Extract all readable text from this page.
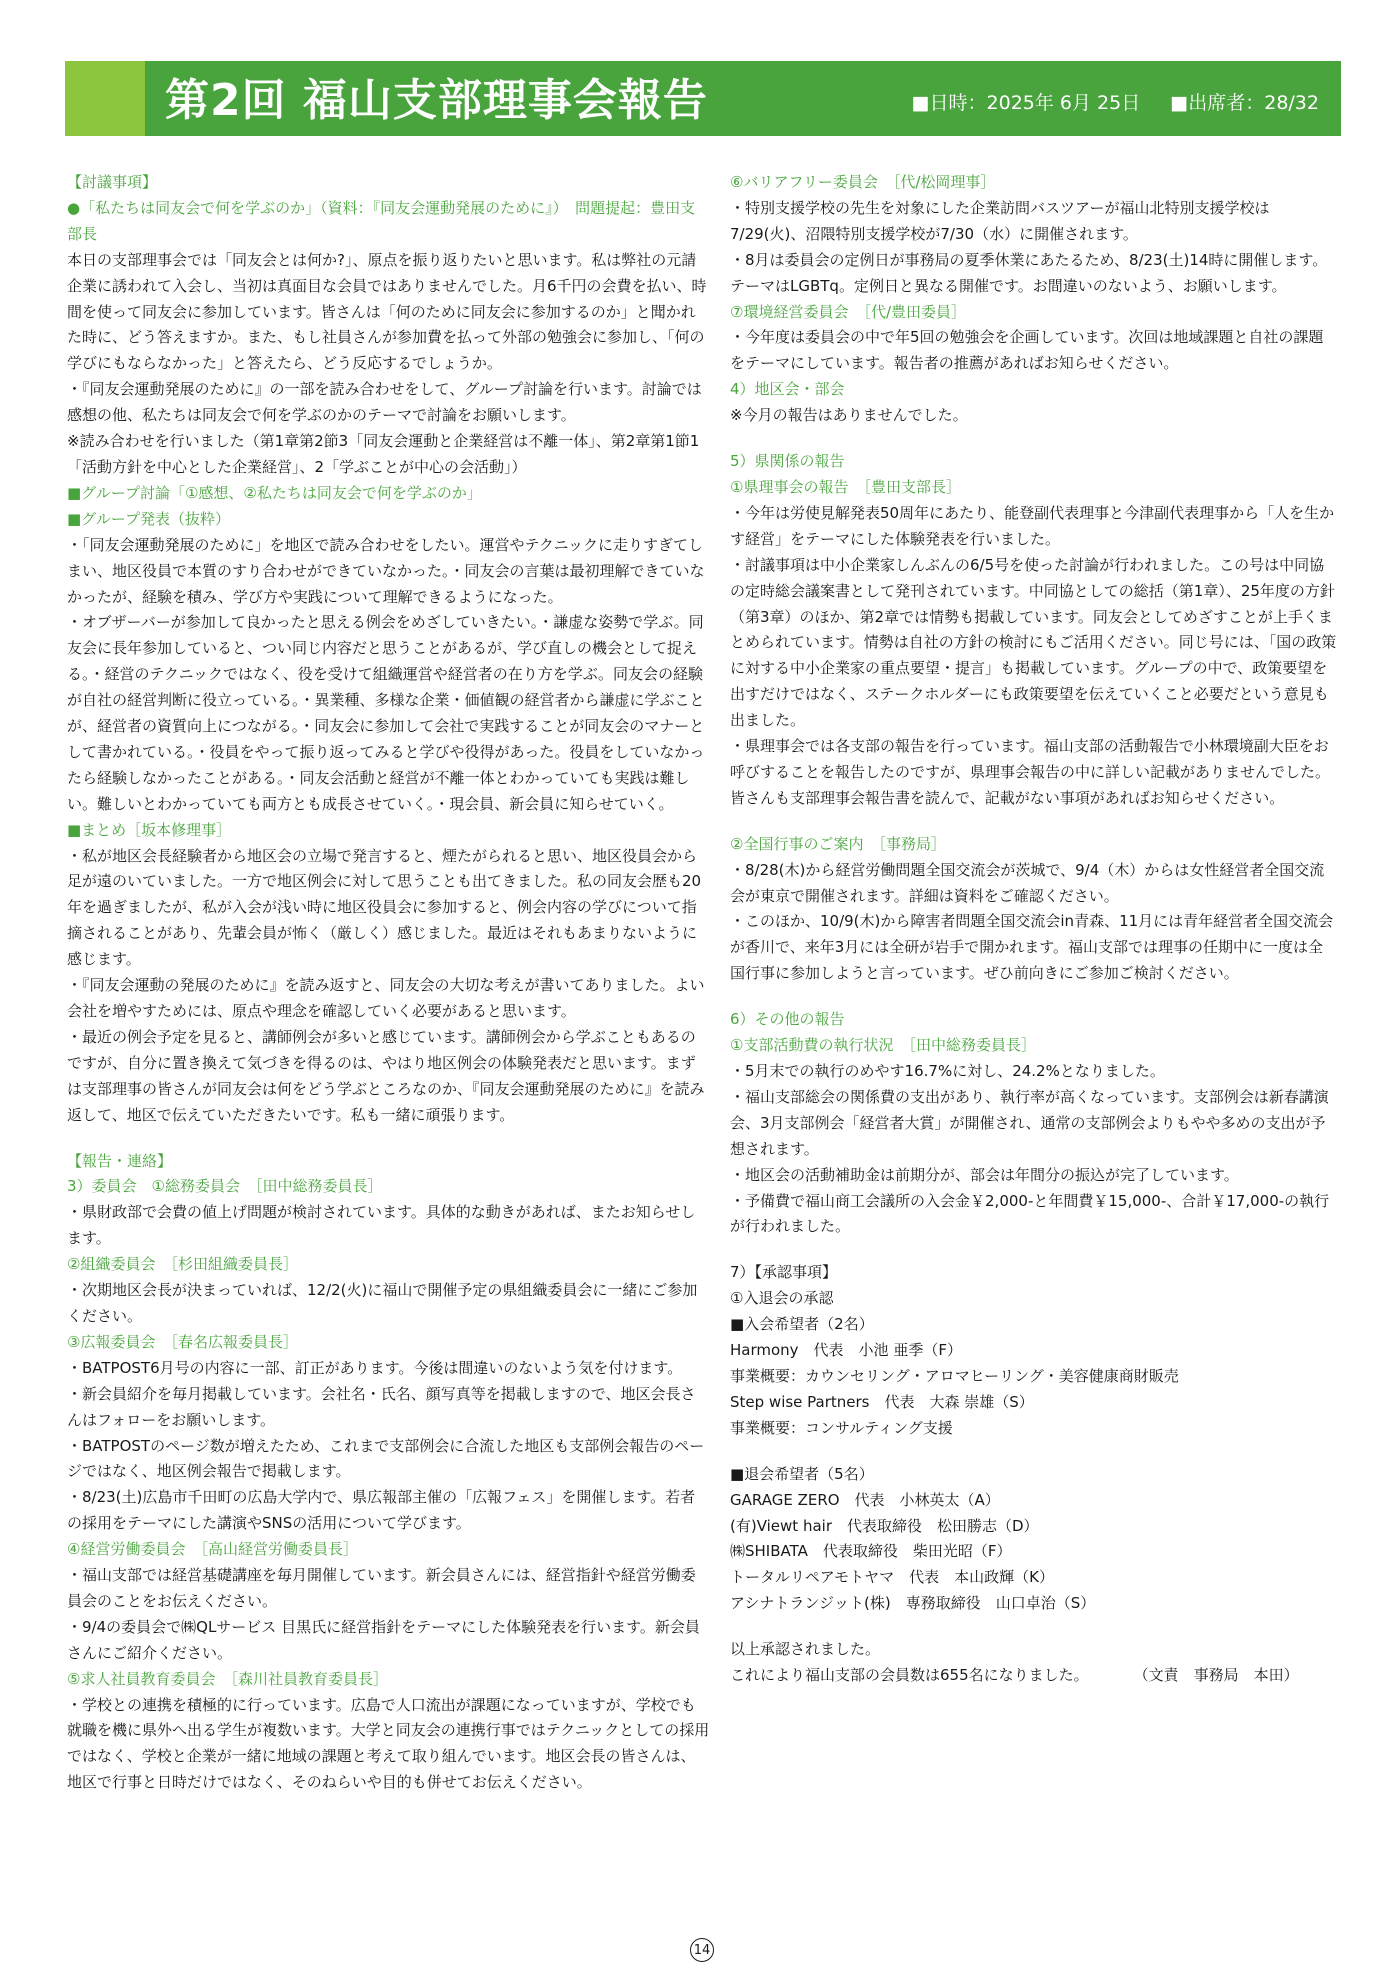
第2回 福山支部理事会報告	■日時：2025年 6月 25日 ■出席者：28/32

【討議事項】

●「私たちは同友会で何を学ぶのか」（資料：『同友会運動発展のために』）　問題提起：豊田支部長

本日の支部理事会では「同友会とは何か?」、原点を振り返りたいと思います。私は弊社の元請企業に誘われて入会し、当初は真面目な会員ではありませんでした。月6千円の会費を払い、時間を使って同友会に参加しています。皆さんは「何のために同友会に参加するのか」と聞かれた時に、どう答えますか。また、もし社員さんが参加費を払って外部の勉強会に参加し、「何の学びにもならなかった」と答えたら、どう反応するでしょうか。

・『同友会運動発展のために』の一部を読み合わせをして、グループ討論を行います。討論では感想の他、私たちは同友会で何を学ぶのかのテーマで討論をお願いします。

※読み合わせを行いました（第1章第2節3「同友会運動と企業経営は不離一体」、第2章第1節1「活動方針を中心とした企業経営」、2「学ぶことが中心の会活動」）

■グループ討論「①感想、②私たちは同友会で何を学ぶのか」

■グループ発表（抜粋）

・「同友会運動発展のために」を地区で読み合わせをしたい。運営やテクニックに走りすぎてしまい、地区役員で本質のすり合わせができていなかった。・同友会の言葉は最初理解できていなかったが、経験を積み、学び方や実践について理解できるようになった。

・オブザーバーが参加して良かったと思える例会をめざしていきたい。・謙虚な姿勢で学ぶ。同友会に長年参加していると、つい同じ内容だと思うことがあるが、学び直しの機会として捉える。・経営のテクニックではなく、役を受けて組織運営や経営者の在り方を学ぶ。同友会の経験が自社の経営判断に役立っている。・異業種、多様な企業・価値観の経営者から謙虚に学ぶことが、経営者の資質向上につながる。・同友会に参加して会社で実践することが同友会のマナーとして書かれている。・役員をやって振り返ってみると学びや役得があった。役員をしていなかったら経験しなかったことがある。・同友会活動と経営が不離一体とわかっていても実践は難しい。難しいとわかっていても両方とも成長させていく。・現会員、新会員に知らせていく。

■まとめ［坂本修理事］

・私が地区会長経験者から地区会の立場で発言すると、煙たがられると思い、地区役員会から足が遠のいていました。一方で地区例会に対して思うことも出てきました。私の同友会歴も20年を過ぎましたが、私が入会が浅い時に地区役員会に参加すると、例会内容の学びについて指摘されることがあり、先輩会員が怖く（厳しく）感じました。最近はそれもあまりないように感じます。

・『同友会運動の発展のために』を読み返すと、同友会の大切な考えが書いてありました。よい会社を増やすためには、原点や理念を確認していく必要があると思います。

・最近の例会予定を見ると、講師例会が多いと感じています。講師例会から学ぶこともあるのですが、自分に置き換えて気づきを得るのは、やはり地区例会の体験発表だと思います。まずは支部理事の皆さんが同友会は何をどう学ぶところなのか、『同友会運動発展のために』を読み返して、地区で伝えていただきたいです。私も一緒に頑張ります。

【報告・連絡】

3）委員会　①総務委員会　［田中総務委員長］

・県財政部で会費の値上げ問題が検討されています。具体的な動きがあれば、またお知らせします。

②組織委員会　［杉田組織委員長］

・次期地区会長が決まっていれば、12/2(火)に福山で開催予定の県組織委員会に一緒にご参加ください。

③広報委員会　［春名広報委員長］

・BATPOST6月号の内容に一部、訂正があります。今後は間違いのないよう気を付けます。

・新会員紹介を毎月掲載しています。会社名・氏名、顔写真等を掲載しますので、地区会長さんはフォローをお願いします。

・BATPOSTのページ数が増えたため、これまで支部例会に合流した地区も支部例会報告のページではなく、地区例会報告で掲載します。

・8/23(土)広島市千田町の広島大学内で、県広報部主催の「広報フェス」を開催します。若者の採用をテーマにした講演やSNSの活用について学びます。

④経営労働委員会　［高山経営労働委員長］

・福山支部では経営基礎講座を毎月開催しています。新会員さんには、経営指針や経営労働委員会のことをお伝えください。

・9/4の委員会で㈱QLサービス 目黒氏に経営指針をテーマにした体験発表を行います。新会員さんにご紹介ください。

⑤求人社員教育委員会　［森川社員教育委員長］

・学校との連携を積極的に行っています。広島で人口流出が課題になっていますが、学校でも就職を機に県外へ出る学生が複数います。大学と同友会の連携行事ではテクニックとしての採用ではなく、学校と企業が一緒に地域の課題と考えて取り組んでいます。地区会長の皆さんは、地区で行事と日時だけではなく、そのねらいや目的も併せてお伝えください。

⑥バリアフリー委員会　［代/松岡理事］

・特別支援学校の先生を対象にした企業訪問バスツアーが福山北特別支援学校は7/29(火)、沼隈特別支援学校が7/30（水）に開催されます。

・8月は委員会の定例日が事務局の夏季休業にあたるため、8/23(土)14時に開催します。テーマはLGBTq。定例日と異なる開催です。お間違いのないよう、お願いします。

⑦環境経営委員会　［代/豊田委員］

・今年度は委員会の中で年5回の勉強会を企画しています。次回は地域課題と自社の課題をテーマにしています。報告者の推薦があればお知らせください。

4）地区会・部会

※今月の報告はありませんでした。

5）県関係の報告

①県理事会の報告　［豊田支部長］

・今年は労使見解発表50周年にあたり、能登副代表理事と今津副代表理事から「人を生かす経営」をテーマにした体験発表を行いました。

・討議事項は中小企業家しんぶんの6/5号を使った討論が行われました。この号は中同協の定時総会議案書として発刊されています。中同協としての総括（第1章）、25年度の方針（第3章）のほか、第2章では情勢も掲載しています。同友会としてめざすことが上手くまとめられています。情勢は自社の方針の検討にもご活用ください。同じ号には、「国の政策に対する中小企業家の重点要望・提言」も掲載しています。グループの中で、政策要望を出すだけではなく、ステークホルダーにも政策要望を伝えていくこと必要だという意見も出ました。

・県理事会では各支部の報告を行っています。福山支部の活動報告で小林環境副大臣をお呼びすることを報告したのですが、県理事会報告の中に詳しい記載がありませんでした。皆さんも支部理事会報告書を読んで、記載がない事項があればお知らせください。

②全国行事のご案内　［事務局］

・8/28(木)から経営労働問題全国交流会が茨城で、9/4（木）からは女性経営者全国交流会が東京で開催されます。詳細は資料をご確認ください。

・このほか、10/9(木)から障害者問題全国交流会in青森、11月には青年経営者全国交流会が香川で、来年3月には全研が岩手で開かれます。福山支部では理事の任期中に一度は全国行事に参加しようと言っています。ぜひ前向きにご参加ご検討ください。

6）その他の報告

①支部活動費の執行状況　［田中総務委員長］

・5月末での執行のめやす16.7%に対し、24.2%となりました。

・福山支部総会の関係費の支出があり、執行率が高くなっています。支部例会は新春講演会、3月支部例会「経営者大賞」が開催され、通常の支部例会よりもやや多めの支出が予想されます。

・地区会の活動補助金は前期分が、部会は年間分の振込が完了しています。

・予備費で福山商工会議所の入会金￥2,000-と年間費￥15,000-、合計￥17,000-の執行が行われました。

7）【承認事項】

①入退会の承認

■入会希望者（2名）

Harmony　代表　小池 亜季（F）

事業概要：カウンセリング・アロマヒーリング・美容健康商財販売

Step wise Partners　代表　大森 崇雄（S）

事業概要：コンサルティング支援

■退会希望者（5名）

GARAGE ZERO　代表　小林英太（A）

(有)Viewt hair　代表取締役　松田勝志（D）

㈱SHIBATA　代表取締役　柴田光昭（F）

トータルリペアモトヤマ　代表　本山政輝（K）

アシナトランジット(株)　専務取締役　山口卓治（S）

以上承認されました。

これにより福山支部の会員数は655名になりました。　　　　（文責　事務局　本田）

14
